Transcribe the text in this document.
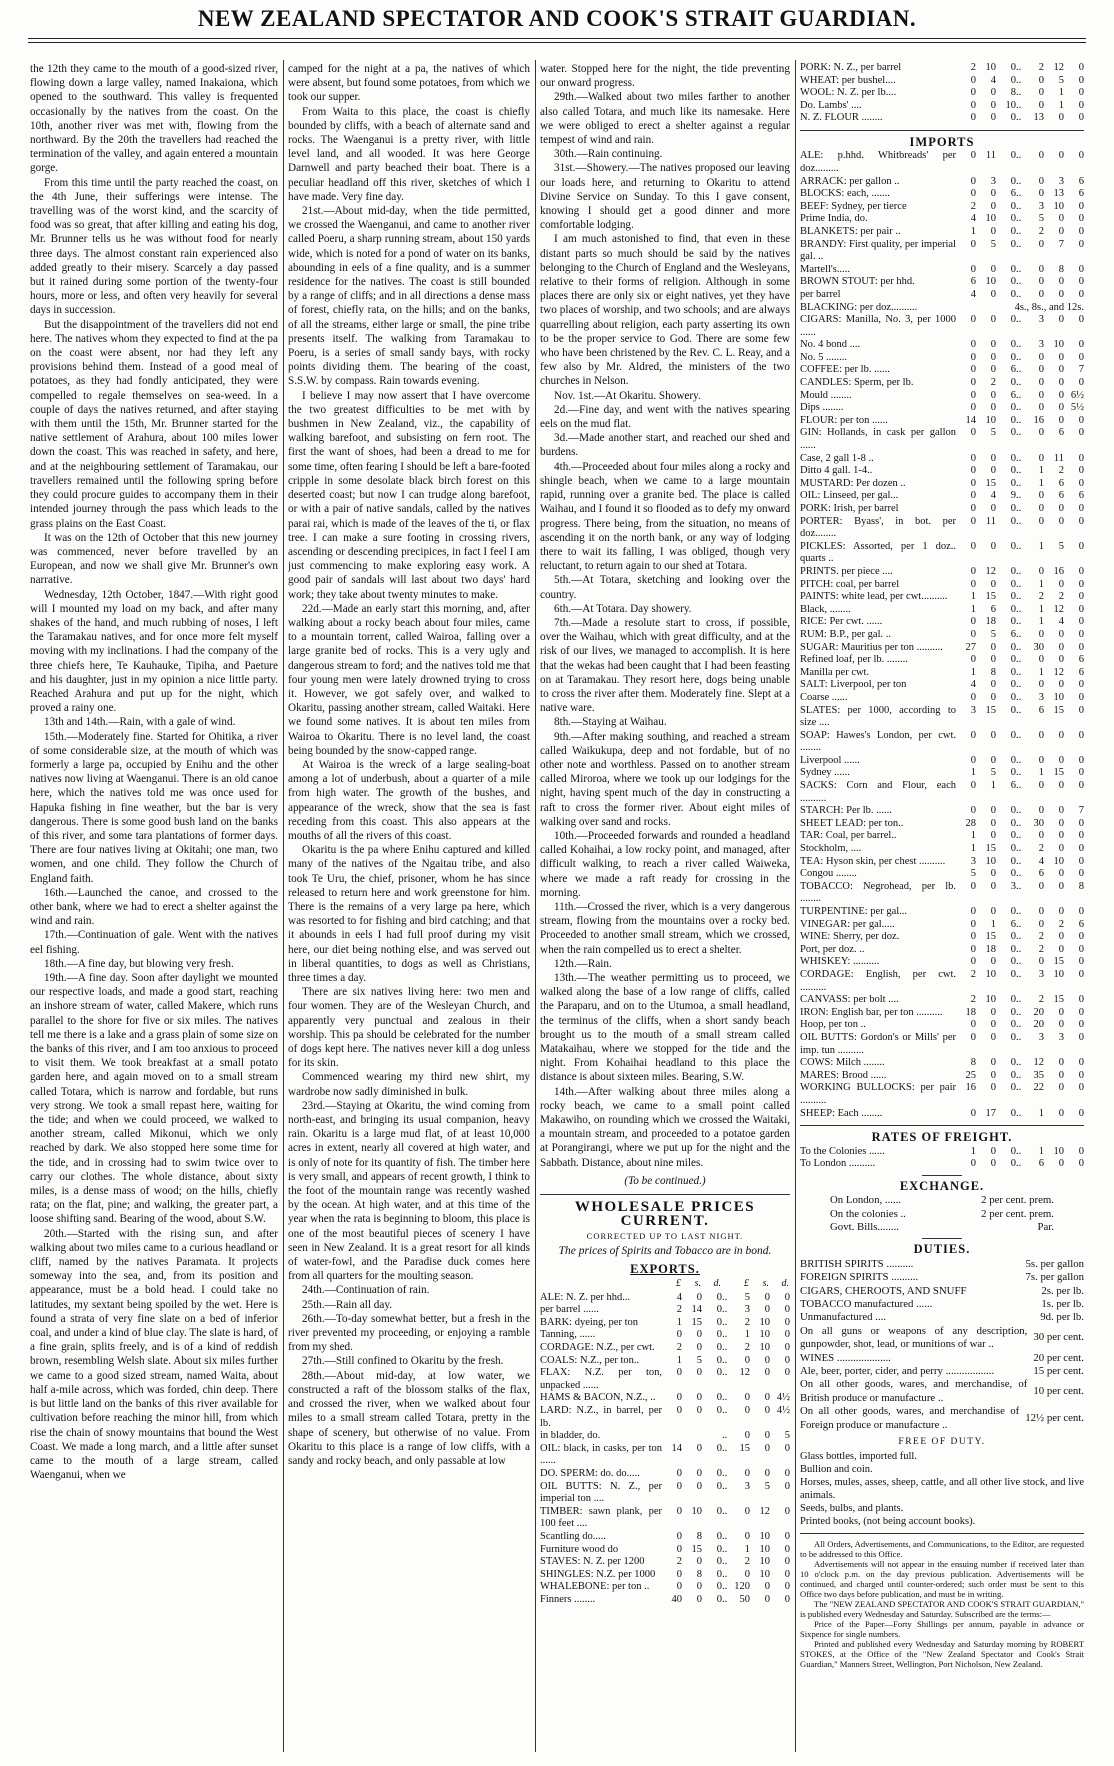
NEW ZEALAND SPECTATOR AND COOK'S STRAIT GUARDIAN.

the 12th they came to the mouth of a good-sized river, flowing down a large valley, named Inakaiona, which opened to the southward. This valley is frequented occasionally by the natives from the coast. On the 10th, another river was met with, flowing from the northward. By the 20th the travellers had reached the termination of the valley, and again entered a mountain gorge.

From this time until the party reached the coast, on the 4th June, their sufferings were intense. The travelling was of the worst kind, and the scarcity of food was so great, that after killing and eating his dog, Mr. Brunner tells us he was without food for nearly three days. The almost constant rain experienced also added greatly to their misery. Scarcely a day passed but it rained during some portion of the twenty-four hours, more or less, and often very heavily for several days in succession.

But the disappointment of the travellers did not end here. The natives whom they expected to find at the pa on the coast were absent, nor had they left any provisions behind them. Instead of a good meal of potatoes, as they had fondly anticipated, they were compelled to regale themselves on sea-weed. In a couple of days the natives returned, and after staying with them until the 15th, Mr. Brunner started for the native settlement of Arahura, about 100 miles lower down the coast. This was reached in safety, and here, and at the neighbouring settlement of Taramakau, our travellers remained until the following spring before they could procure guides to accompany them in their intended journey through the pass which leads to the grass plains on the East Coast.

It was on the 12th of October that this new journey was commenced, never before travelled by an European, and now we shall give Mr. Brunner's own narrative.

Wednesday, 12th October, 1847.—With right good will I mounted my load on my back, and after many shakes of the hand, and much rubbing of noses, I left the Taramakau natives, and for once more felt myself moving with my inclinations. I had the company of the three chiefs here, Te Kauhauke, Tipiha, and Paeture and his daughter, just in my opinion a nice little party. Reached Arahura and put up for the night, which proved a rainy one.

13th and 14th.—Rain, with a gale of wind.

15th.—Moderately fine. Started for Ohitika, a river of some considerable size, at the mouth of which was formerly a large pa, occupied by Enihu and the other natives now living at Waenganui. There is an old canoe here, which the natives told me was once used for Hapuka fishing in fine weather, but the bar is very dangerous. There is some good bush land on the banks of this river, and some tara plantations of former days. There are four natives living at Okitahi; one man, two women, and one child. They follow the Church of England faith.

16th.—Launched the canoe, and crossed to the other bank, where we had to erect a shelter against the wind and rain.

17th.—Continuation of gale. Went with the natives eel fishing.

18th.—A fine day, but blowing very fresh.

19th.—A fine day. Soon after daylight we mounted our respective loads, and made a good start, reaching an inshore stream of water, called Makere, which runs parallel to the shore for five or six miles. The natives tell me there is a lake and a grass plain of some size on the banks of this river, and I am too anxious to proceed to visit them. We took breakfast at a small potato garden here, and again moved on to a small stream called Totara, which is narrow and fordable, but runs very strong. We took a small repast here, waiting for the tide; and when we could proceed, we walked to another stream, called Mikonui, which we only reached by dark. We also stopped here some time for the tide, and in crossing had to swim twice over to carry our clothes. The whole distance, about sixty miles, is a dense mass of wood; on the hills, chiefly rata; on the flat, pine; and walking, the greater part, a loose shifting sand. Bearing of the wood, about S.W.

20th.—Started with the rising sun, and after walking about two miles came to a curious headland or cliff, named by the natives Paramata. It projects someway into the sea, and, from its position and appearance, must be a bold head. I could take no latitudes, my sextant being spoiled by the wet. Here is found a strata of very fine slate on a bed of inferior coal, and under a kind of blue clay. The slate is hard, of a fine grain, splits freely, and is of a kind of reddish brown, resembling Welsh slate. About six miles further we came to a good sized stream, named Waita, about half a-mile across, which was forded, chin deep. There is but little land on the banks of this river available for cultivation before reaching the minor hill, from which rise the chain of snowy mountains that bound the West Coast. We made a long march, and a little after sunset came to the mouth of a large stream, called Waenganui, when we

camped for the night at a pa, the natives of which were absent, but found some potatoes, from which we took our supper.

From Waita to this place, the coast is chiefly bounded by cliffs, with a beach of alternate sand and rocks. The Waenganui is a pretty river, with little level land, and all wooded. It was here George Darnwell and party beached their boat. There is a peculiar headland off this river, sketches of which I have made. Very fine day.

21st.—About mid-day, when the tide permitted, we crossed the Waenganui, and came to another river called Poeru, a sharp running stream, about 150 yards wide, which is noted for a pond of water on its banks, abounding in eels of a fine quality, and is a summer residence for the natives. The coast is still bounded by a range of cliffs; and in all directions a dense mass of forest, chiefly rata, on the hills; and on the banks, of all the streams, either large or small, the pine tribe presents itself. The walking from Taramakau to Poeru, is a series of small sandy bays, with rocky points dividing them. The bearing of the coast, S.S.W. by compass. Rain towards evening.

I believe I may now assert that I have overcome the two greatest difficulties to be met with by bushmen in New Zealand, viz., the capability of walking barefoot, and subsisting on fern root. The first the want of shoes, had been a dread to me for some time, often fearing I should be left a bare-footed cripple in some desolate black birch forest on this deserted coast; but now I can trudge along barefoot, or with a pair of native sandals, called by the natives parai rai, which is made of the leaves of the ti, or flax tree. I can make a sure footing in crossing rivers, ascending or descending precipices, in fact I feel I am just commencing to make exploring easy work. A good pair of sandals will last about two days' hard work; they take about twenty minutes to make.

22d.—Made an early start this morning, and, after walking about a rocky beach about four miles, came to a mountain torrent, called Wairoa, falling over a large granite bed of rocks. This is a very ugly and dangerous stream to ford; and the natives told me that four young men were lately drowned trying to cross it. However, we got safely over, and walked to Okaritu, passing another stream, called Waitaki. Here we found some natives. It is about ten miles from Wairoa to Okaritu. There is no level land, the coast being bounded by the snow-capped range.

At Wairoa is the wreck of a large sealing-boat among a lot of underbush, about a quarter of a mile from high water. The growth of the bushes, and appearance of the wreck, show that the sea is fast receding from this coast. This also appears at the mouths of all the rivers of this coast.

Okaritu is the pa where Enihu captured and killed many of the natives of the Ngaitau tribe, and also took Te Uru, the chief, prisoner, whom he has since released to return here and work greenstone for him. There is the remains of a very large pa here, which was resorted to for fishing and bird catching; and that it abounds in eels I had full proof during my visit here, our diet being nothing else, and was served out in liberal quantities, to dogs as well as Christians, three times a day.

There are six natives living here: two men and four women. They are of the Wesleyan Church, and apparently very punctual and zealous in their worship. This pa should be celebrated for the number of dogs kept here. The natives never kill a dog unless for its skin.

Commenced wearing my third new shirt, my wardrobe now sadly diminished in bulk.

23rd.—Staying at Okaritu, the wind coming from north-east, and bringing its usual companion, heavy rain. Okaritu is a large mud flat, of at least 10,000 acres in extent, nearly all covered at high water, and is only of note for its quantity of fish. The timber here is very small, and appears of recent growth, I think to the foot of the mountain range was recently washed by the ocean. At high water, and at this time of the year when the rata is beginning to bloom, this place is one of the most beautiful pieces of scenery I have seen in New Zealand. It is a great resort for all kinds of water-fowl, and the Paradise duck comes here from all quarters for the moulting season.

24th.—Continuation of rain.

25th.—Rain all day.

26th.—To-day somewhat better, but a fresh in the river prevented my proceeding, or enjoying a ramble from my shed.

27th.—Still confined to Okaritu by the fresh.

28th.—About mid-day, at low water, we constructed a raft of the blossom stalks of the flax, and crossed the river, when we walked about four miles to a small stream called Totara, pretty in the shape of scenery, but otherwise of no value. From Okaritu to this place is a range of low cliffs, with a sandy and rocky beach, and only passable at low

water. Stopped here for the night, the tide preventing our onward progress.

29th.—Walked about two miles farther to another also called Totara, and much like its namesake. Here we were obliged to erect a shelter against a regular tempest of wind and rain.

30th.—Rain continuing.

31st.—Showery.—The natives proposed our leaving our loads here, and returning to Okaritu to attend Divine Service on Sunday. To this I gave consent, knowing I should get a good dinner and more comfortable lodging.

I am much astonished to find, that even in these distant parts so much should be said by the natives belonging to the Church of England and the Wesleyans, relative to their forms of religion. Although in some places there are only six or eight natives, yet they have two places of worship, and two schools; and are always quarrelling about religion, each party asserting its own to be the proper service to God. There are some few who have been christened by the Rev. C. L. Reay, and a few also by Mr. Aldred, the ministers of the two churches in Nelson.

Nov. 1st.—At Okaritu. Showery.

2d.—Fine day, and went with the natives spearing eels on the mud flat.

3d.—Made another start, and reached our shed and burdens.

4th.—Proceeded about four miles along a rocky and shingle beach, when we came to a large mountain rapid, running over a granite bed. The place is called Waihau, and I found it so flooded as to defy my onward progress. There being, from the situation, no means of ascending it on the north bank, or any way of lodging there to wait its falling, I was obliged, though very reluctant, to return again to our shed at Totara.

5th.—At Totara, sketching and looking over the country.

6th.—At Totara. Day showery.

7th.—Made a resolute start to cross, if possible, over the Waihau, which with great difficulty, and at the risk of our lives, we managed to accomplish. It is here that the wekas had been caught that I had been feasting on at Taramakau. They resort here, dogs being unable to cross the river after them. Moderately fine. Slept at a native ware.

8th.—Staying at Waihau.

9th.—After making southing, and reached a stream called Waikukupa, deep and not fordable, but of no other note and worthless. Passed on to another stream called Miroroa, where we took up our lodgings for the night, having spent much of the day in constructing a raft to cross the former river. About eight miles of walking over sand and rocks.

10th.—Proceeded forwards and rounded a headland called Kohaihai, a low rocky point, and managed, after difficult walking, to reach a river called Waiweka, where we made a raft ready for crossing in the morning.

11th.—Crossed the river, which is a very dangerous stream, flowing from the mountains over a rocky bed. Proceeded to another small stream, which we crossed, when the rain compelled us to erect a shelter.

12th.—Rain.

13th.—The weather permitting us to proceed, we walked along the base of a low range of cliffs, called the Paraparu, and on to the Utumoa, a small headland, the terminus of the cliffs, when a short sandy beach brought us to the mouth of a small stream called Matakaihau, where we stopped for the tide and the night. From Kohaihai headland to this place the distance is about sixteen miles. Bearing, S.W.

14th.—After walking about three miles along a rocky beach, we came to a small point called Makawiho, on rounding which we crossed the Waitaki, a mountain stream, and proceeded to a potatoe garden at Porangirangi, where we put up for the night and the Sabbath. Distance, about nine miles.

(To be continued.)
WHOLESALE PRICES CURRENT.
CORRECTED UP TO LAST NIGHT.
The prices of Spirits and Tobacco are in bond.
EXPORTS.
	£	s.	d.		£	s.	d.
ALE: N. Z. per hhd...	4	0	0	..	5	0	0
per barrel ......	2	14	0	..	3	0	0
BARK: dyeing, per ton	1	15	0	..	2	10	0
Tanning, ......	0	0	0	..	1	10	0
CORDAGE: N.Z., per cwt.	2	0	0	..	2	10	0
COALS: N.Z., per ton..	1	5	0	..	0	0	0
FLAX: N.Z. per ton, unpacked ......	0	0	0	..	12	0	0
HAMS & BACON, N.Z., ..	0	0	0	..	0	0	4½
LARD: N.Z., in barrel, per lb.	0	0	0	..	0	0	4½
in bladder, do.				..	0	0	5
OIL: black, in casks, per ton ......	14	0	0	..	15	0	0
DO. SPERM: do. do.....	0	0	0	..	0	0	0
OIL BUTTS: N. Z., per imperial ton ....	0	0	0	..	3	5	0
TIMBER: sawn plank, per 100 feet ....	0	10	0	..	0	12	0
Scantling do.....	0	8	0	..	0	10	0
Furniture wood do	0	15	0	..	1	10	0
STAVES: N. Z. per 1200	2	0	0	..	2	10	0
SHINGLES: N.Z. per 1000	0	8	0	..	0	10	0
WHALEBONE: per ton ..	0	0	0	..	120	0	0
Finners ........	40	0	0	..	50	0	0
PORK: N. Z., per barrel	2	10	0	..	2	12	0
WHEAT: per bushel....	0	4	0	..	0	5	0
WOOL: N. Z. per lb....	0	0	8	..	0	1	0
Do. Lambs' ....	0	0	10	..	0	1	0
N. Z. FLOUR ........	0	0	0	..	13	0	0
IMPORTS
ALE: p.hhd. Whitbreads' per doz.........	0	11	0	..	0	0	0
ARRACK: per gallon ..	0	3	0	..	0	3	6
BLOCKS: each, .......	0	0	6	..	0	13	6
BEEF: Sydney, per tierce	2	0	0	..	3	10	0
Prime India, do.	4	10	0	..	5	0	0
BLANKETS: per pair ..	1	0	0	..	2	0	0
BRANDY: First quality, per imperial gal. ..	0	5	0	..	0	7	0
Martell's.....	0	0	0	..	0	8	0
BROWN STOUT: per hhd.	6	10	0	..	0	0	0
per barrel	4	0	0	..	0	0	0
BLACKING: per doz..........	4s., 8s., and 12s.						
CIGARS: Manilla, No. 3, per 1000 ......	0	0	0	..	3	0	0
No. 4 bond ....	0	0	0	..	3	10	0
No. 5 ........	0	0	0	..	0	0	0
COFFEE: per lb. ......	0	0	6	..	0	0	7
CANDLES: Sperm, per lb.	0	2	0	..	0	0	0
Mould ........	0	0	6	..	0	0	6½
Dips ........	0	0	0	..	0	0	5½
FLOUR: per ton ......	14	10	0	..	16	0	0
GIN: Hollands, in cask per gallon ......	0	5	0	..	0	6	0
Case, 2 gall 1-8 ..	0	0	0	..	0	11	0
Ditto 4 gall. 1-4..	0	0	0	..	1	2	0
MUSTARD: Per dozen ..	0	15	0	..	1	6	0
OIL: Linseed, per gal...	0	4	9	..	0	6	6
PORK: Irish, per barrel	0	0	0	..	0	0	0
PORTER: Byass', in bot. per doz........	0	11	0	..	0	0	0
PICKLES: Assorted, per 1 doz.. quarts ..	0	0	0	..	1	5	0
PRINTS. per piece ....	0	12	0	..	0	16	0
PITCH: coal, per barrel	0	0	0	..	1	0	0
PAINTS: white lead, per cwt..........	1	15	0	..	2	2	0
Black, ........	1	6	0	..	1	12	0
RICE: Per cwt. ......	0	18	0	..	1	4	0
RUM: B.P., per gal. ..	0	5	6	..	0	0	0
SUGAR: Mauritius per ton ..........	27	0	0	..	30	0	0
Refined loaf, per lb. ........	0	0	0	..	0	0	6
Manilla per cwt.	1	8	0	..	1	12	6
SALT: Liverpool, per ton	4	0	0	..	0	0	0
Coarse ......	0	0	0	..	3	10	0
SLATES: per 1000, according to size ....	3	15	0	..	6	15	0
SOAP: Hawes's London, per cwt. ........	0	0	0	..	0	0	0
Liverpool ......	0	0	0	..	0	0	0
Sydney ......	1	5	0	..	1	15	0
SACKS: Corn and Flour, each ..........	0	1	6	..	0	0	0
STARCH: Per lb. ......	0	0	0	..	0	0	7
SHEET LEAD: per ton..	28	0	0	..	30	0	0
TAR: Coal, per barrel..	1	0	0	..	0	0	0
Stockholm, ....	1	15	0	..	2	0	0
TEA: Hyson skin, per chest ..........	3	10	0	..	4	10	0
Congou ........	5	0	0	..	6	0	0
TOBACCO: Negrohead, per lb. ........	0	0	3	..	0	0	8
TURPENTINE: per gal...	0	0	0	..	0	0	0
VINEGAR: per gal.....	0	1	6	..	0	2	6
WINE: Sherry, per doz.	0	15	0	..	2	0	0
Port, per doz. ..	0	18	0	..	2	0	0
WHISKEY: ..........	0	0	0	..	0	15	0
CORDAGE: English, per cwt. ..........	2	10	0	..	3	10	0
CANVASS: per bolt ....	2	10	0	..	2	15	0
IRON: English bar, per ton ..........	18	0	0	..	20	0	0
Hoop, per ton ..	0	0	0	..	20	0	0
OIL BUTTS: Gordon's or Mills' per imp. tun ..........	0	0	0	..	3	3	0
COWS: Milch ........	8	0	0	..	12	0	0
MARES: Brood ......	25	0	0	..	35	0	0
WORKING BULLOCKS: per pair ..........	16	0	0	..	22	0	0
SHEEP: Each ........	0	17	0	..	1	0	0
RATES OF FREIGHT.
To the Colonies ......	1	0	0	..	1	10	0
To London ..........	0	0	0	..	6	0	0
EXCHANGE.
On London, ......	2 per cent. prem.
On the colonies ..	2 per cent. prem.
Govt. Bills........	Par.
DUTIES.
BRITISH SPIRITS ..........	5s. per gallon
FOREIGN SPIRITS ..........	7s. per gallon
CIGARS, CHEROOTS, AND SNUFF	2s. per lb.
TOBACCO manufactured ......	1s. per lb.
Unmanufactured ....	9d. per lb.
On all guns or weapons of any description, gunpowder, shot, lead, or munitions of war ..
30 per cent.
WINES ....................	20 per cent.
Ale, beer, porter, cider, and perry ..................	15 per cent.
On all other goods, wares, and merchandise, of British produce or manufacture ..
10 per cent.
On all other goods, wares, and merchandise of Foreign produce or manufacture ..
12½ per cent.
FREE OF DUTY.
Glass bottles, imported full.
Bullion and coin.
Horses, mules, asses, sheep, cattle, and all other live stock, and live animals.
Seeds, bulbs, and plants.
Printed books, (not being account books).

All Orders, Advertisements, and Communications, to the Editor, are requested to be addressed to this Office.

Advertisements will not appear in the ensuing number if received later than 10 o'clock p.m. on the day previous publication. Advertisements will be continued, and charged until counter-ordered; such order must be sent to this Office two days before publication, and must be in writing.

The "NEW ZEALAND SPECTATOR AND COOK'S STRAIT GUARDIAN," is published every Wednesday and Saturday. Subscribed are the terms:—

Price of the Paper—Forty Shillings per annum, payable in advance or Sixpence for single numbers.

Printed and published every Wednesday and Saturday morning by ROBERT STOKES, at the Office of the "New Zealand Spectator and Cook's Strait Guardian," Manners Street, Wellington, Port Nicholson, New Zealand.
